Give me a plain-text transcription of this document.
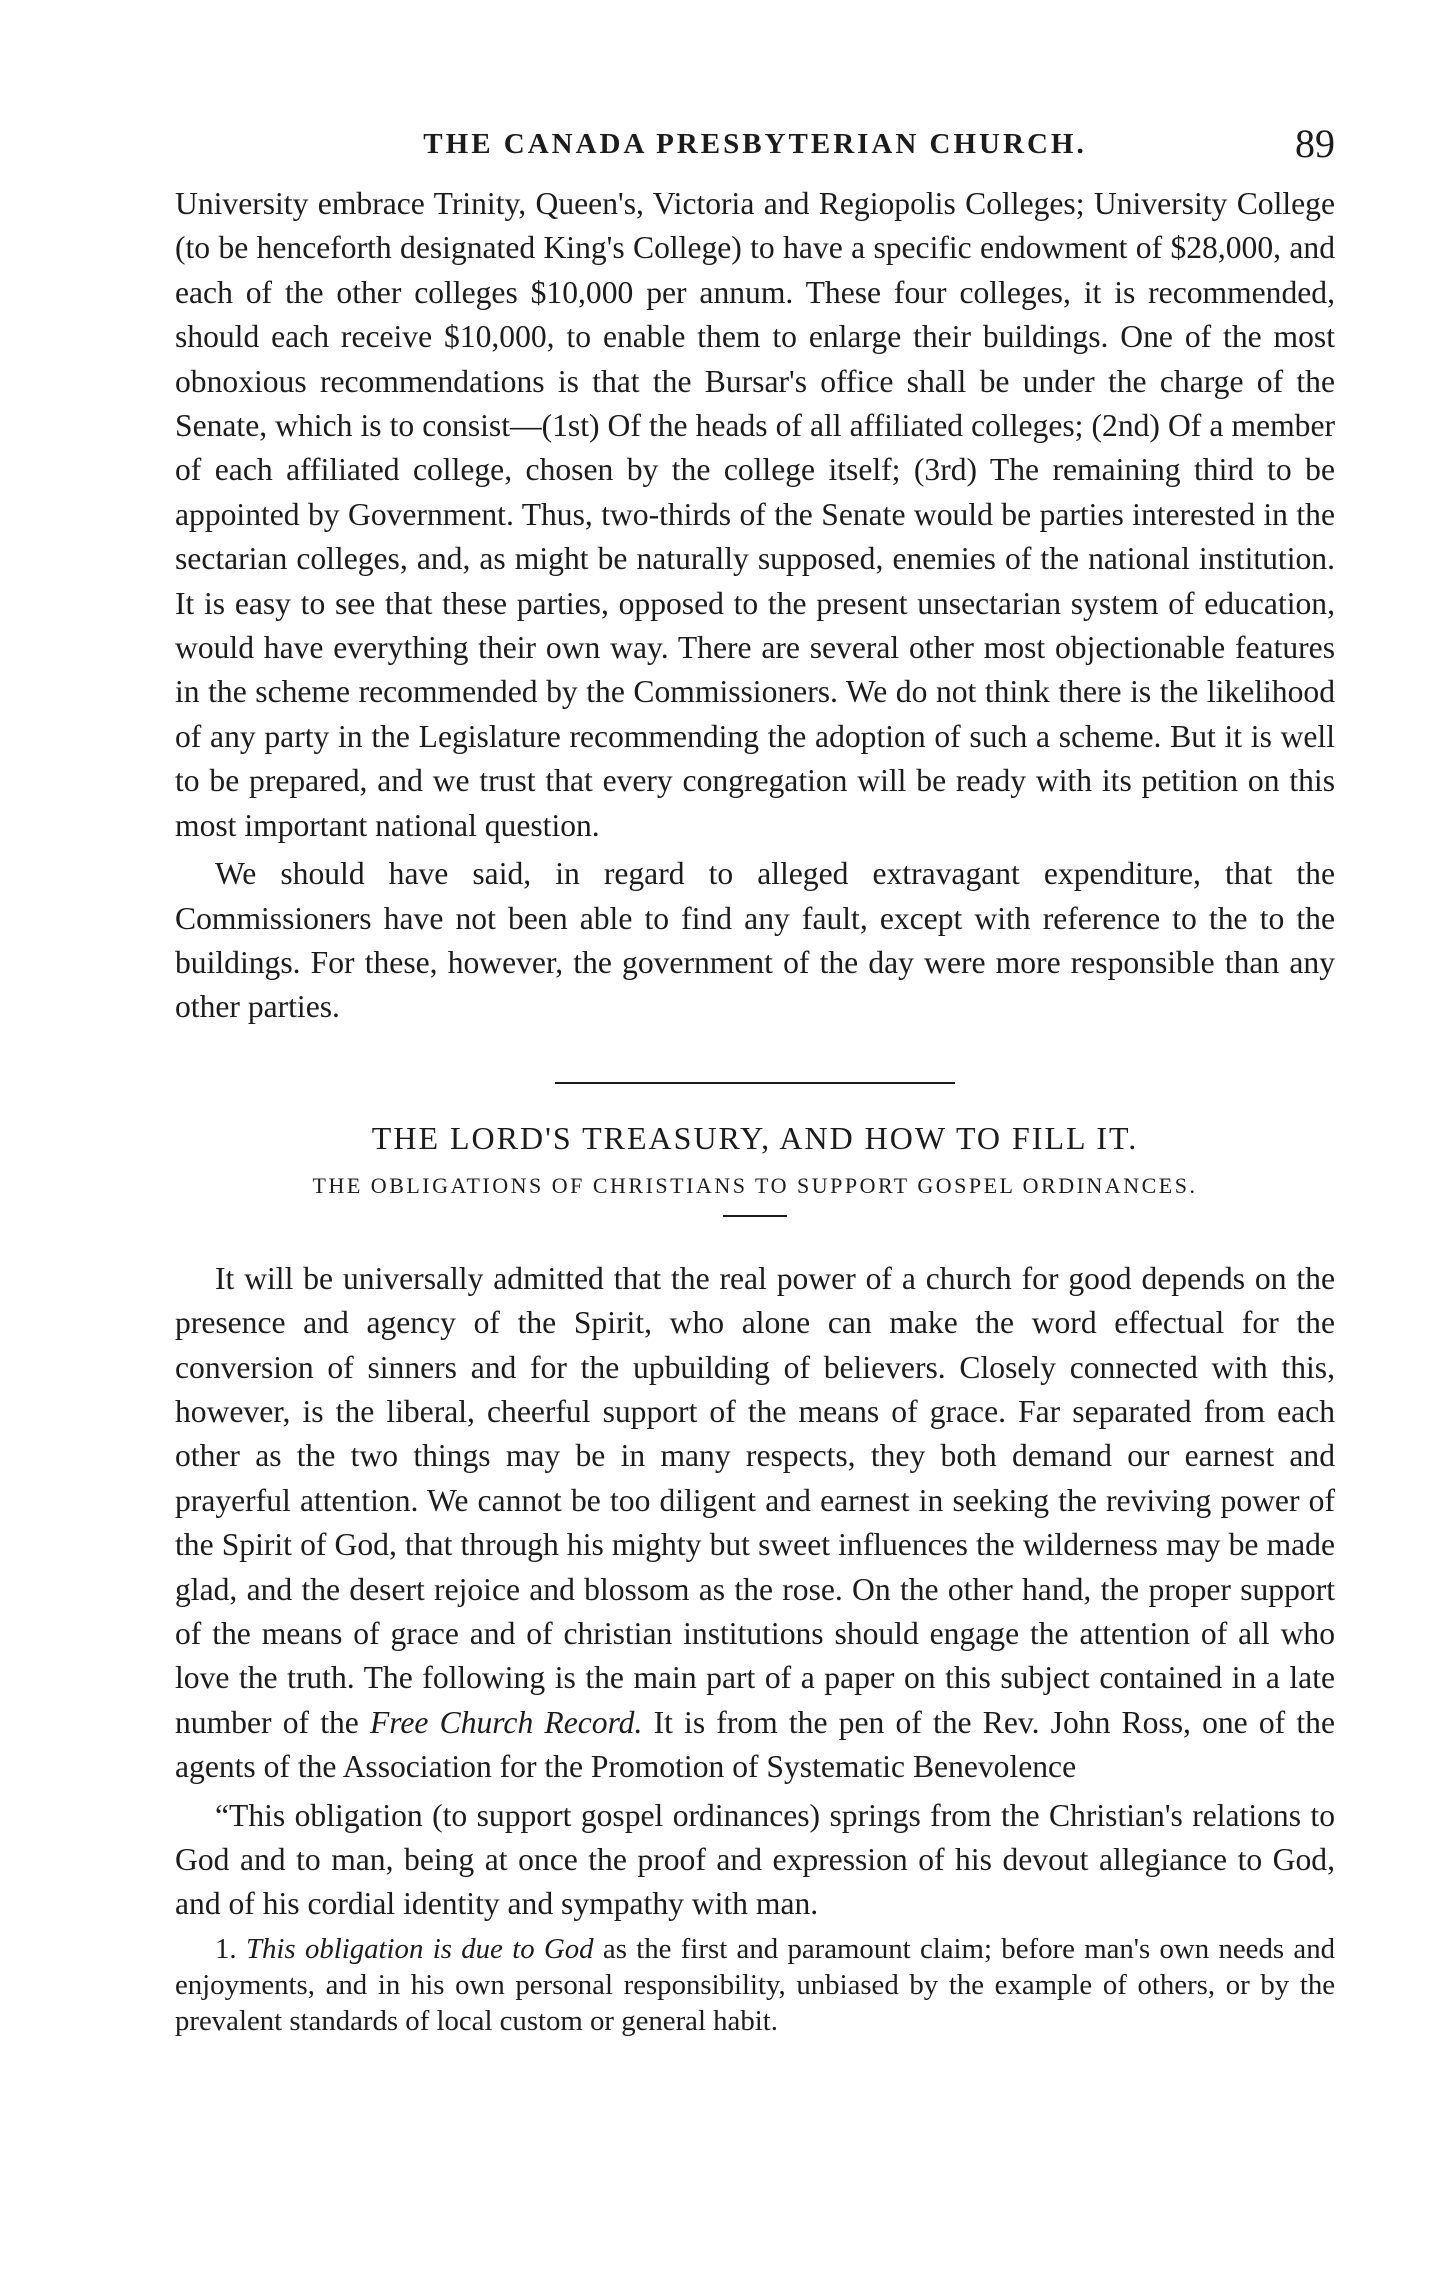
THE CANADA PRESBYTERIAN CHURCH.	89

University embrace Trinity, Queen's, Victoria and Regiopolis Colleges; University College (to be henceforth designated King's College) to have a specific endowment of $28,000, and each of the other colleges $10,000 per annum. These four colleges, it is recommended, should each receive $10,000, to enable them to enlarge their buildings. One of the most obnoxious recommendations is that the Bursar's office shall be under the charge of the Senate, which is to consist—(1st) Of the heads of all affiliated colleges; (2nd) Of a member of each affiliated college, chosen by the college itself; (3rd) The remaining third to be appointed by Government. Thus, two-thirds of the Senate would be parties interested in the sectarian colleges, and, as might be naturally supposed, enemies of the national institution. It is easy to see that these parties, opposed to the present unsectarian system of education, would have everything their own way. There are several other most objectionable features in the scheme recommended by the Commissioners. We do not think there is the likelihood of any party in the Legislature recommending the adoption of such a scheme. But it is well to be prepared, and we trust that every congregation will be ready with its petition on this most important national question.

We should have said, in regard to alleged extravagant expenditure, that the Commissioners have not been able to find any fault, except with reference to the to the buildings. For these, however, the government of the day were more responsible than any other parties.

THE LORD'S TREASURY, AND HOW TO FILL IT.
THE OBLIGATIONS OF CHRISTIANS TO SUPPORT GOSPEL ORDINANCES.

It will be universally admitted that the real power of a church for good depends on the presence and agency of the Spirit, who alone can make the word effectual for the conversion of sinners and for the upbuilding of believers. Closely connected with this, however, is the liberal, cheerful support of the means of grace. Far separated from each other as the two things may be in many respects, they both demand our earnest and prayerful attention. We cannot be too diligent and earnest in seeking the reviving power of the Spirit of God, that through his mighty but sweet influences the wilderness may be made glad, and the desert rejoice and blossom as the rose. On the other hand, the proper support of the means of grace and of christian institutions should engage the attention of all who love the truth. The following is the main part of a paper on this subject contained in a late number of the Free Church Record. It is from the pen of the Rev. John Ross, one of the agents of the Association for the Promotion of Systematic Benevolence

“This obligation (to support gospel ordinances) springs from the Christian's relations to God and to man, being at once the proof and expression of his devout allegiance to God, and of his cordial identity and sympathy with man.

1. This obligation is due to God as the first and paramount claim; before man's own needs and enjoyments, and in his own personal responsibility, unbiased by the example of others, or by the prevalent standards of local custom or general habit.
